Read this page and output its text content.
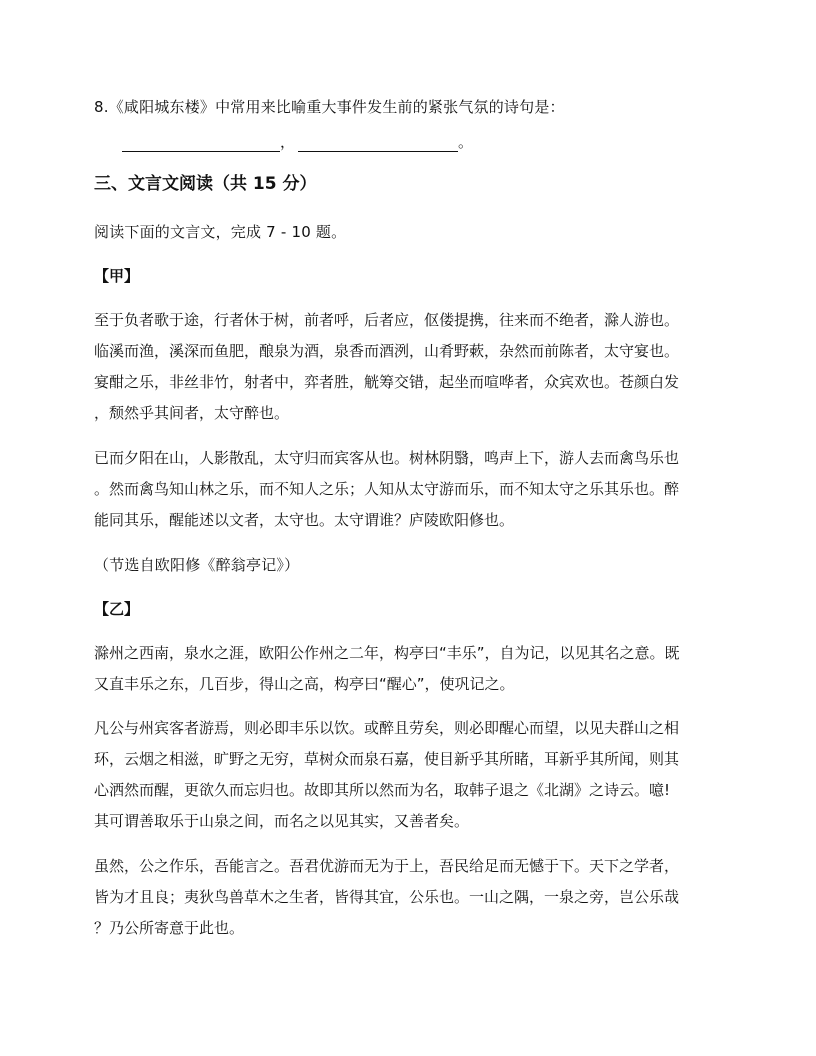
8.《咸阳城东楼》中常用来比喻重大事件发生前的紧张气氛的诗句是：
，	。
三、文言文阅读（共 15 分）
阅读下面的文言文，完成 7 - 10 题。
【甲】
至于负者歌于途，行者休于树，前者呼，后者应，伛偻提携，往来而不绝者，滁人游也。
临溪而渔，溪深而鱼肥，酿泉为酒，泉香而酒洌，山肴野蔌，杂然而前陈者，太守宴也。
宴酣之乐，非丝非竹，射者中，弈者胜，觥筹交错，起坐而喧哗者，众宾欢也。苍颜白发
，颓然乎其间者，太守醉也。
已而夕阳在山，人影散乱，太守归而宾客从也。树林阴翳，鸣声上下，游人去而禽鸟乐也
。然而禽鸟知山林之乐，而不知人之乐；人知从太守游而乐，而不知太守之乐其乐也。醉
能同其乐，醒能述以文者，太守也。太守谓谁？庐陵欧阳修也。
（节选自欧阳修《醉翁亭记》）
【乙】
滁州之西南，泉水之涯，欧阳公作州之二年，构亭曰“丰乐”，自为记，以见其名之意。既
又直丰乐之东，几百步，得山之高，构亭曰“醒心”，使巩记之。
凡公与州宾客者游焉，则必即丰乐以饮。或醉且劳矣，则必即醒心而望，以见夫群山之相
环，云烟之相滋，旷野之无穷，草树众而泉石嘉，使目新乎其所睹，耳新乎其所闻，则其
心洒然而醒，更欲久而忘归也。故即其所以然而为名，取韩子退之《北湖》之诗云。噫!
其可谓善取乐于山泉之间，而名之以见其实，又善者矣。
虽然，公之作乐，吾能言之。吾君优游而无为于上，吾民给足而无憾于下。天下之学者，
皆为才且良；夷狄鸟兽草木之生者，皆得其宜，公乐也。一山之隅，一泉之旁，岂公乐哉
？乃公所寄意于此也。
